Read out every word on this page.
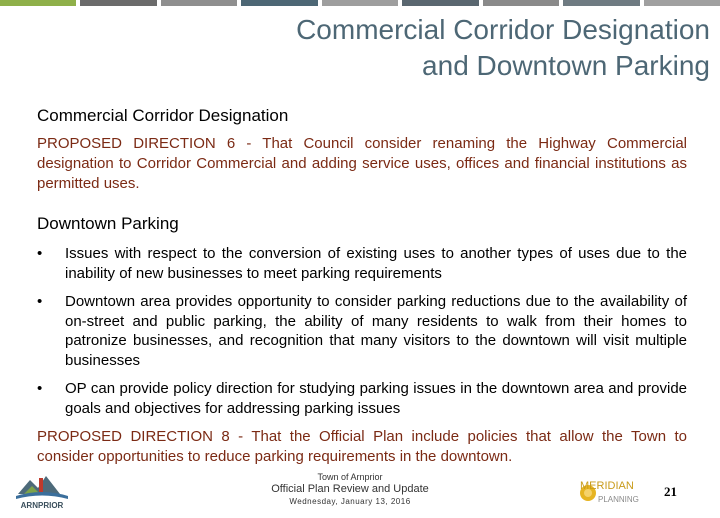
Commercial Corridor Designation
and Downtown Parking
Commercial Corridor Designation

PROPOSED DIRECTION 6 - That Council consider renaming the Highway Commercial designation to Corridor Commercial and adding service uses, offices and financial institutions as permitted uses.

Downtown Parking
•	Issues with respect to the conversion of existing uses to another types of uses due to the inability of new businesses to meet parking requirements
•	Downtown area provides opportunity to consider parking reductions due to the availability of on-street and public parking, the ability of many residents to walk from their homes to patronize businesses, and recognition that many visitors to the downtown will visit multiple businesses
•	OP can provide policy direction for studying parking issues in the downtown area and provide goals and objectives for addressing parking issues

PROPOSED DIRECTION 8 - That the Official Plan include policies that allow the Town to consider opportunities to reduce parking requirements in the downtown.

ARNPRIOR
Town of Arnprior
Official Plan Review and Update
Wednesday, January 13, 2016
MERIDIAN
PLANNING
21
